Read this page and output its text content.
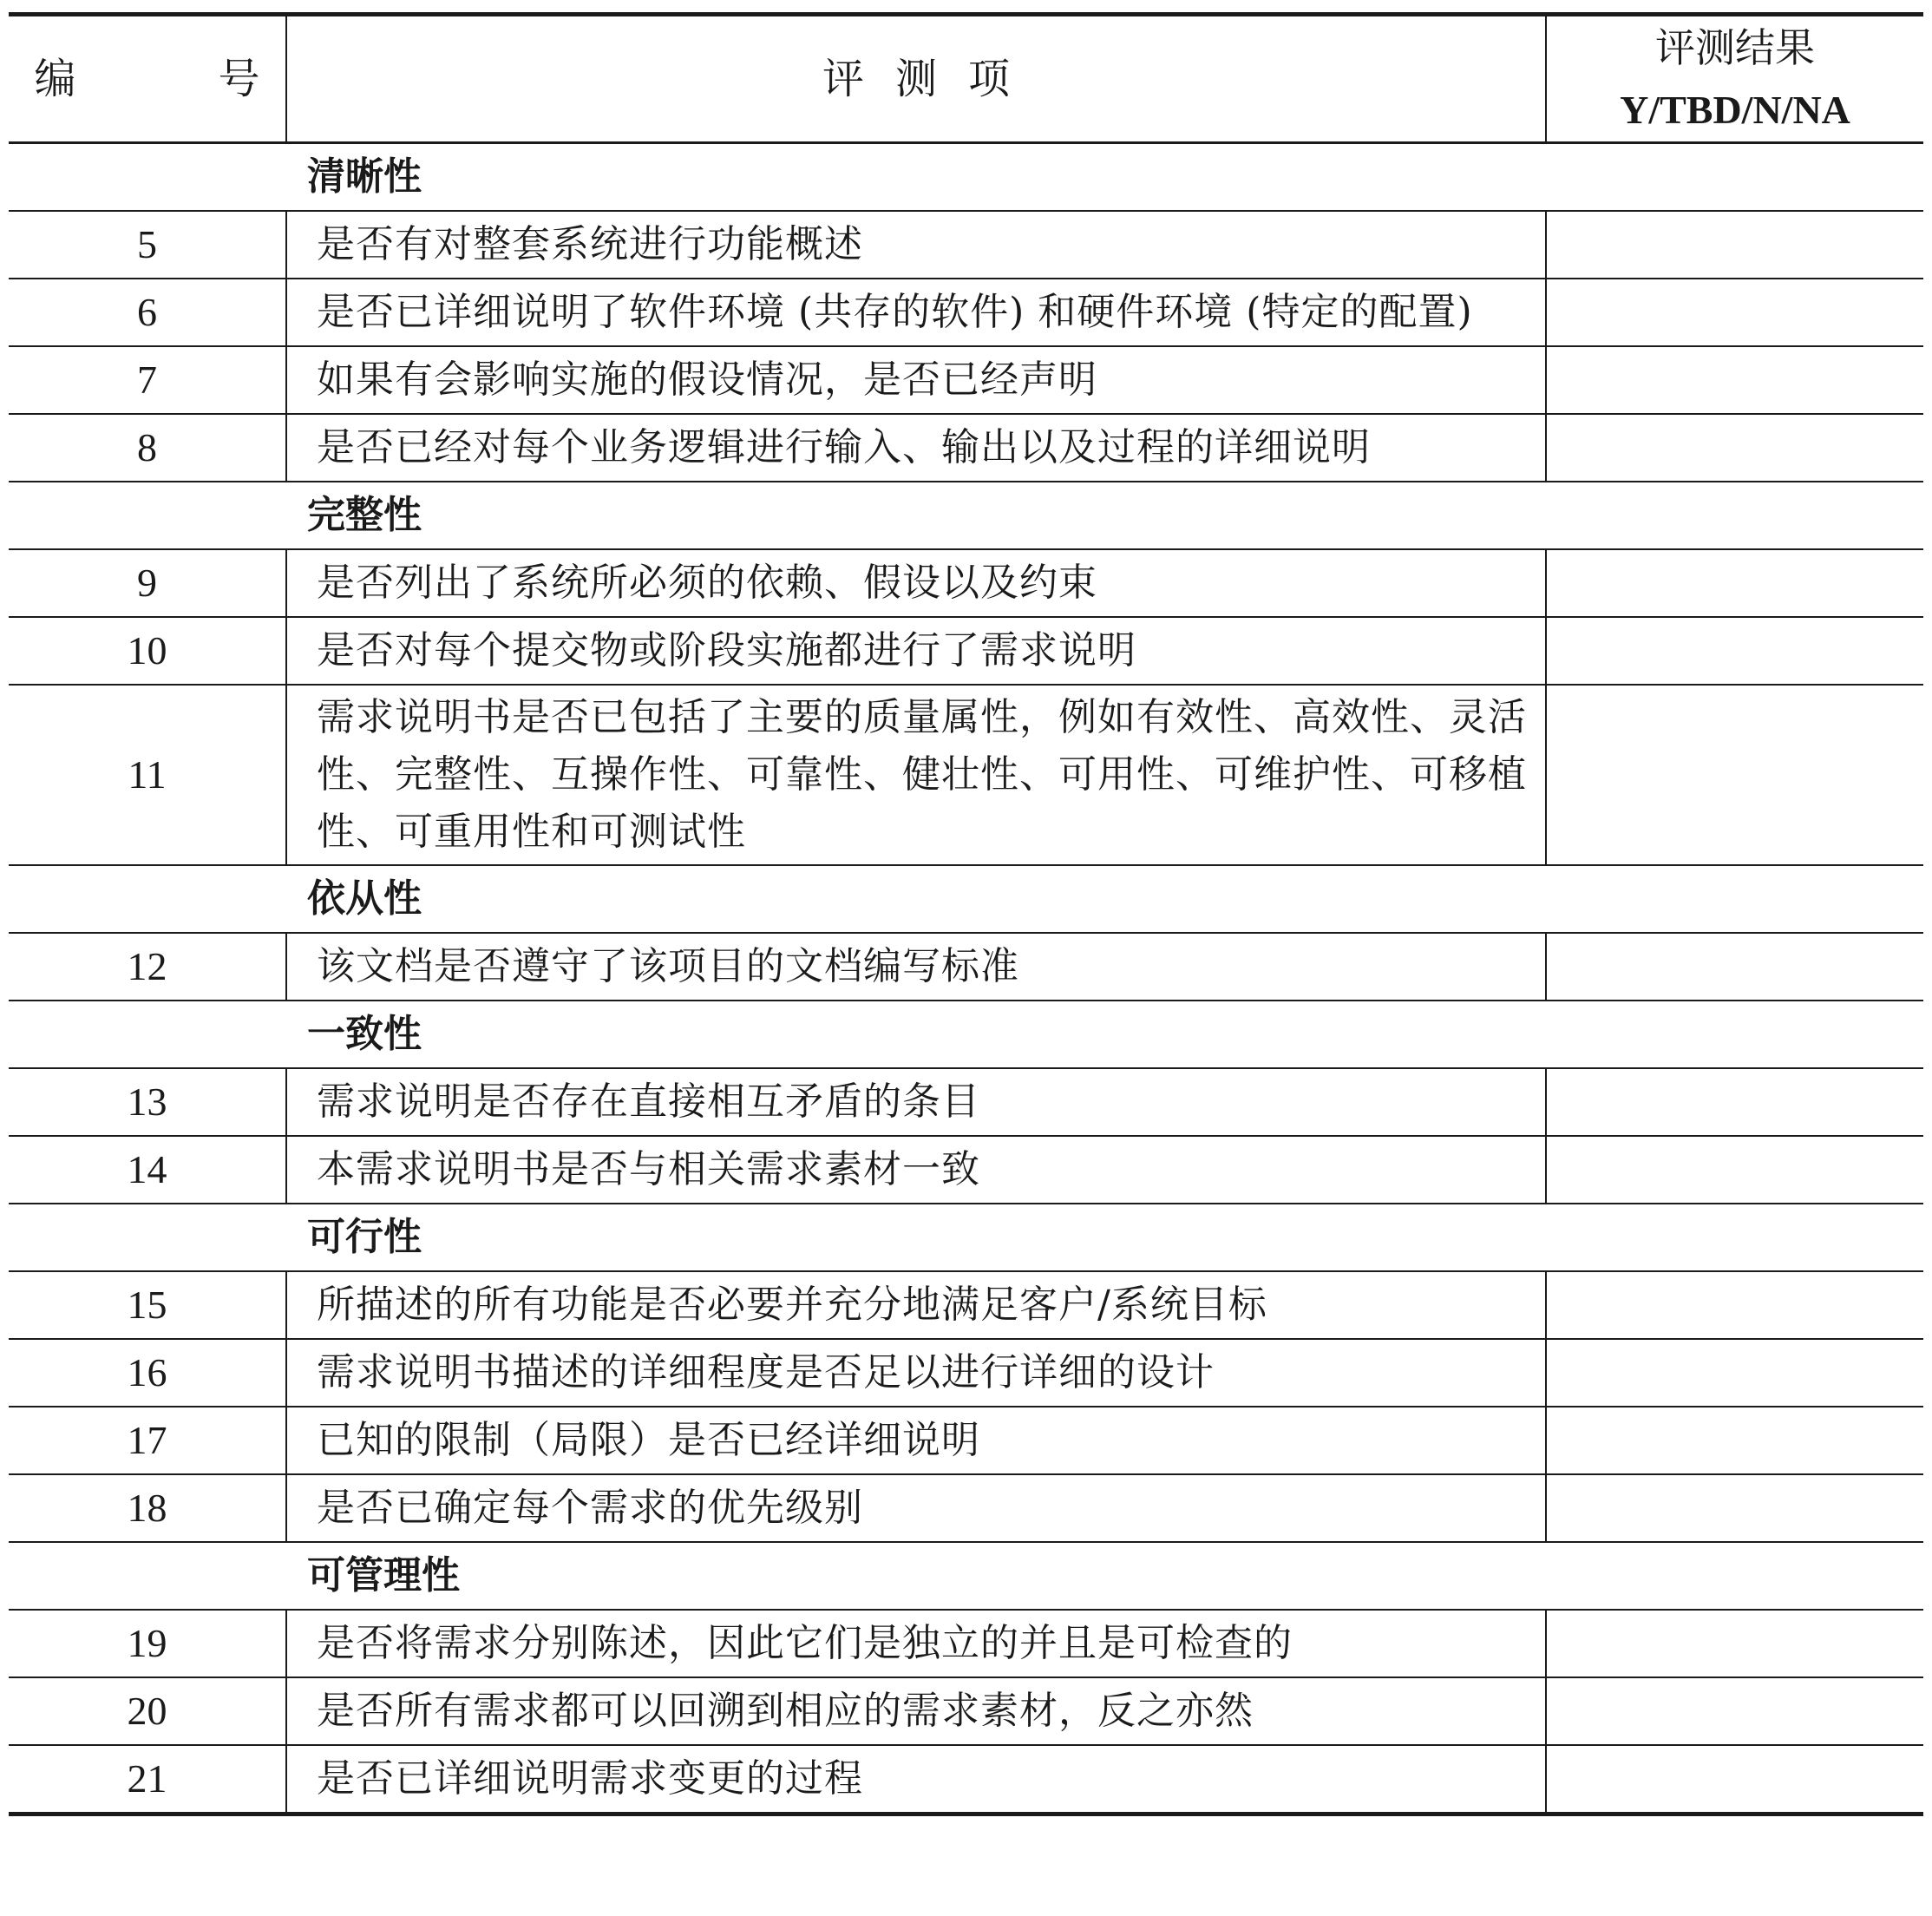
编 号	评测项	评测结果
Y/TBD/N/NA

清晰性		
5	是否有对整套系统进行功能概述	
6	是否已详细说明了软件环境 (共存的软件) 和硬件环境 (特定的配置)	
7	如果有会影响实施的假设情况，是否已经声明	
8	是否已经对每个业务逻辑进行输入、输出以及过程的详细说明	
完整性		
9	是否列出了系统所必须的依赖、假设以及约束	
10	是否对每个提交物或阶段实施都进行了需求说明	
11	需求说明书是否已包括了主要的质量属性，例如有效性、高效性、灵活性、完整性、互操作性、可靠性、健壮性、可用性、可维护性、可移植性、可重用性和可测试性	
依从性		
12	该文档是否遵守了该项目的文档编写标准	
一致性		
13	需求说明是否存在直接相互矛盾的条目	
14	本需求说明书是否与相关需求素材一致	
可行性		
15	所描述的所有功能是否必要并充分地满足客户/系统目标	
16	需求说明书描述的详细程度是否足以进行详细的设计	
17	已知的限制（局限）是否已经详细说明	
18	是否已确定每个需求的优先级别	
可管理性		
19	是否将需求分别陈述，因此它们是独立的并且是可检查的	
20	是否所有需求都可以回溯到相应的需求素材，反之亦然	
21	是否已详细说明需求变更的过程	
